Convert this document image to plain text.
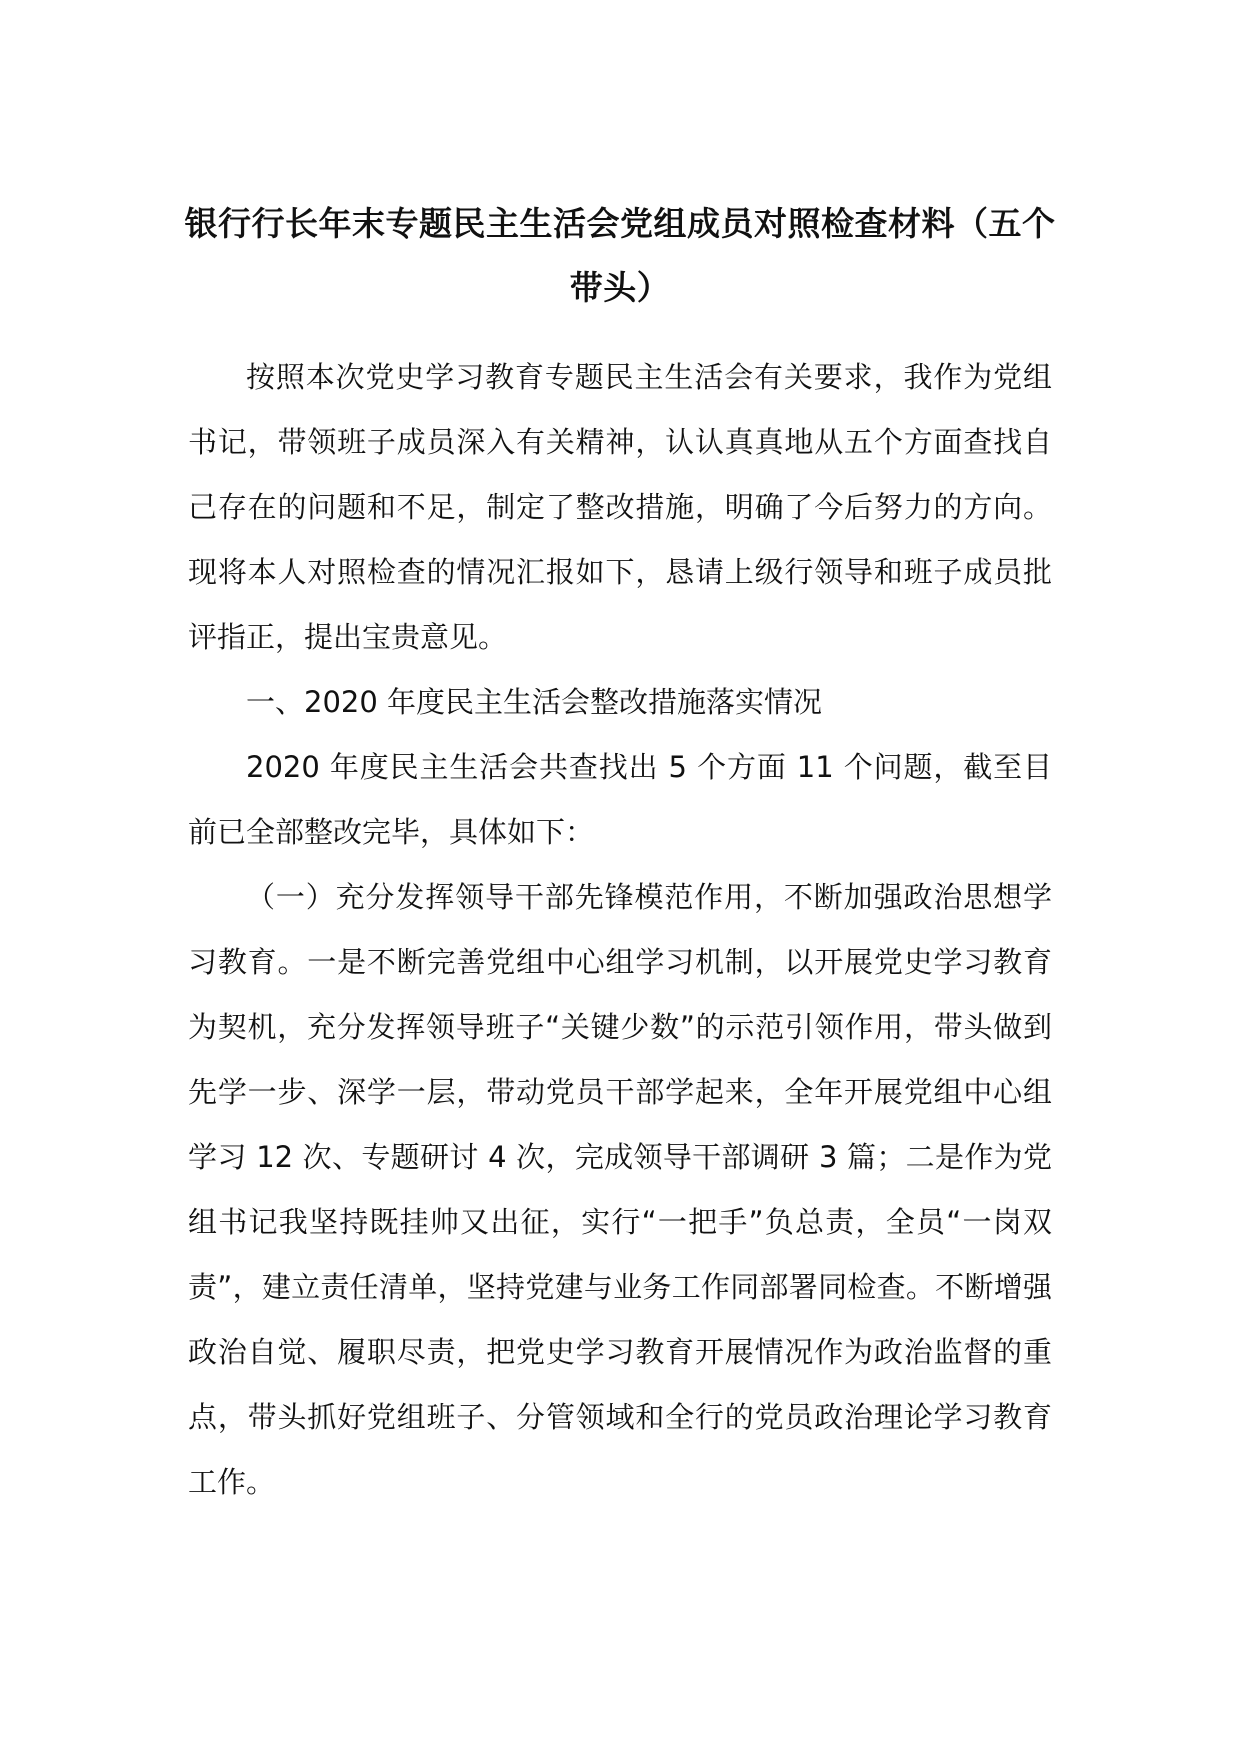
银行行长年末专题民主生活会党组成员对照检查材料（五个带头）

按照本次党史学习教育专题民主生活会有关要求，我作为党组书记，带领班子成员深入有关精神，认认真真地从五个方面查找自己存在的问题和不足，制定了整改措施，明确了今后努力的方向。现将本人对照检查的情况汇报如下，恳请上级行领导和班子成员批评指正，提出宝贵意见。

一、2020 年度民主生活会整改措施落实情况

2020 年度民主生活会共查找出 5 个方面 11 个问题，截至目前已全部整改完毕，具体如下：

（一）充分发挥领导干部先锋模范作用，不断加强政治思想学习教育。一是不断完善党组中心组学习机制，以开展党史学习教育为契机，充分发挥领导班子“关键少数”的示范引领作用，带头做到先学一步、深学一层，带动党员干部学起来，全年开展党组中心组学习 12 次、专题研讨 4 次，完成领导干部调研 3 篇；二是作为党组书记我坚持既挂帅又出征，实行“一把手”负总责，全员“一岗双责”，建立责任清单，坚持党建与业务工作同部署同检查。不断增强政治自觉、履职尽责，把党史学习教育开展情况作为政治监督的重点，带头抓好党组班子、分管领域和全行的党员政治理论学习教育工作。
